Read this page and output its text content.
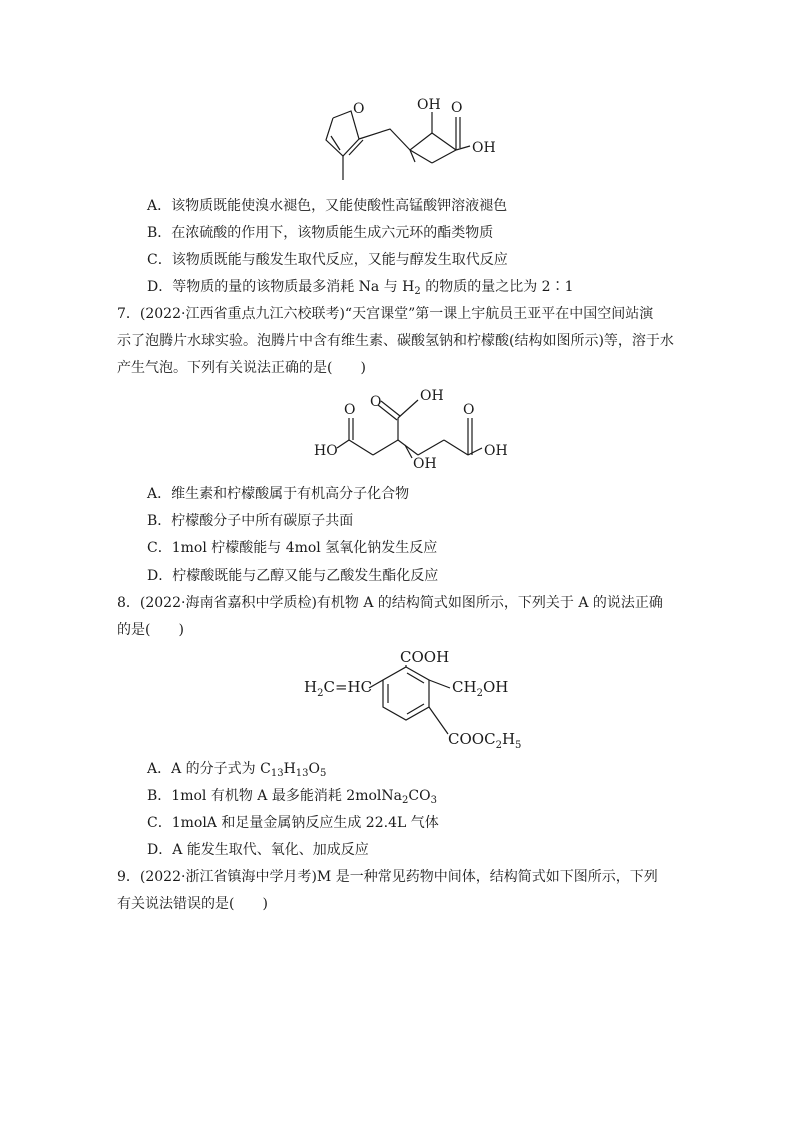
O	OH O
OH
A．该物质既能使溴水褪色，又能使酸性高锰酸钾溶液褪色
B．在浓硫酸的作用下，该物质能生成六元环的酯类物质
C．该物质既能与酸发生取代反应，又能与醇发生取代反应
D．等物质的量的该物质最多消耗 Na 与 $H_2$ 的物质的量之比为 2∶1
7．(2022·江西省重点九江六校联考)“天宫课堂”第一课上宇航员王亚平在中国空间站演
示了泡腾片水球实验。泡腾片中含有维生素、碳酸氢钠和柠檬酸(结构如图所示)等，溶于水
产生气泡。下列有关说法正确的是(　　)
O	OH
OH
O
HO
O
OH
A．维生素和柠檬酸属于有机高分子化合物
B．柠檬酸分子中所有碳原子共面
C．1mol 柠檬酸能与 4mol 氢氧化钠发生反应
D．柠檬酸既能与乙醇又能与乙酸发生酯化反应
8．(2022·海南省嘉积中学质检)有机物 A 的结构简式如图所示，下列关于 A 的说法正确
的是(　　)
COOH
$H_2C=HC$	$CH_2OH$
$COOC_2H_5$
A．A 的分子式为 $C_{13}H_{13}O_5$
B．1mol 有机物 A 最多能消耗 $2molNa_2CO_3$
C．1molA 和足量金属钠反应生成 22.4L 气体
D．A 能发生取代、氧化、加成反应
9．(2022·浙江省镇海中学月考)M 是一种常见药物中间体，结构简式如下图所示，下列
有关说法错误的是(　　)
